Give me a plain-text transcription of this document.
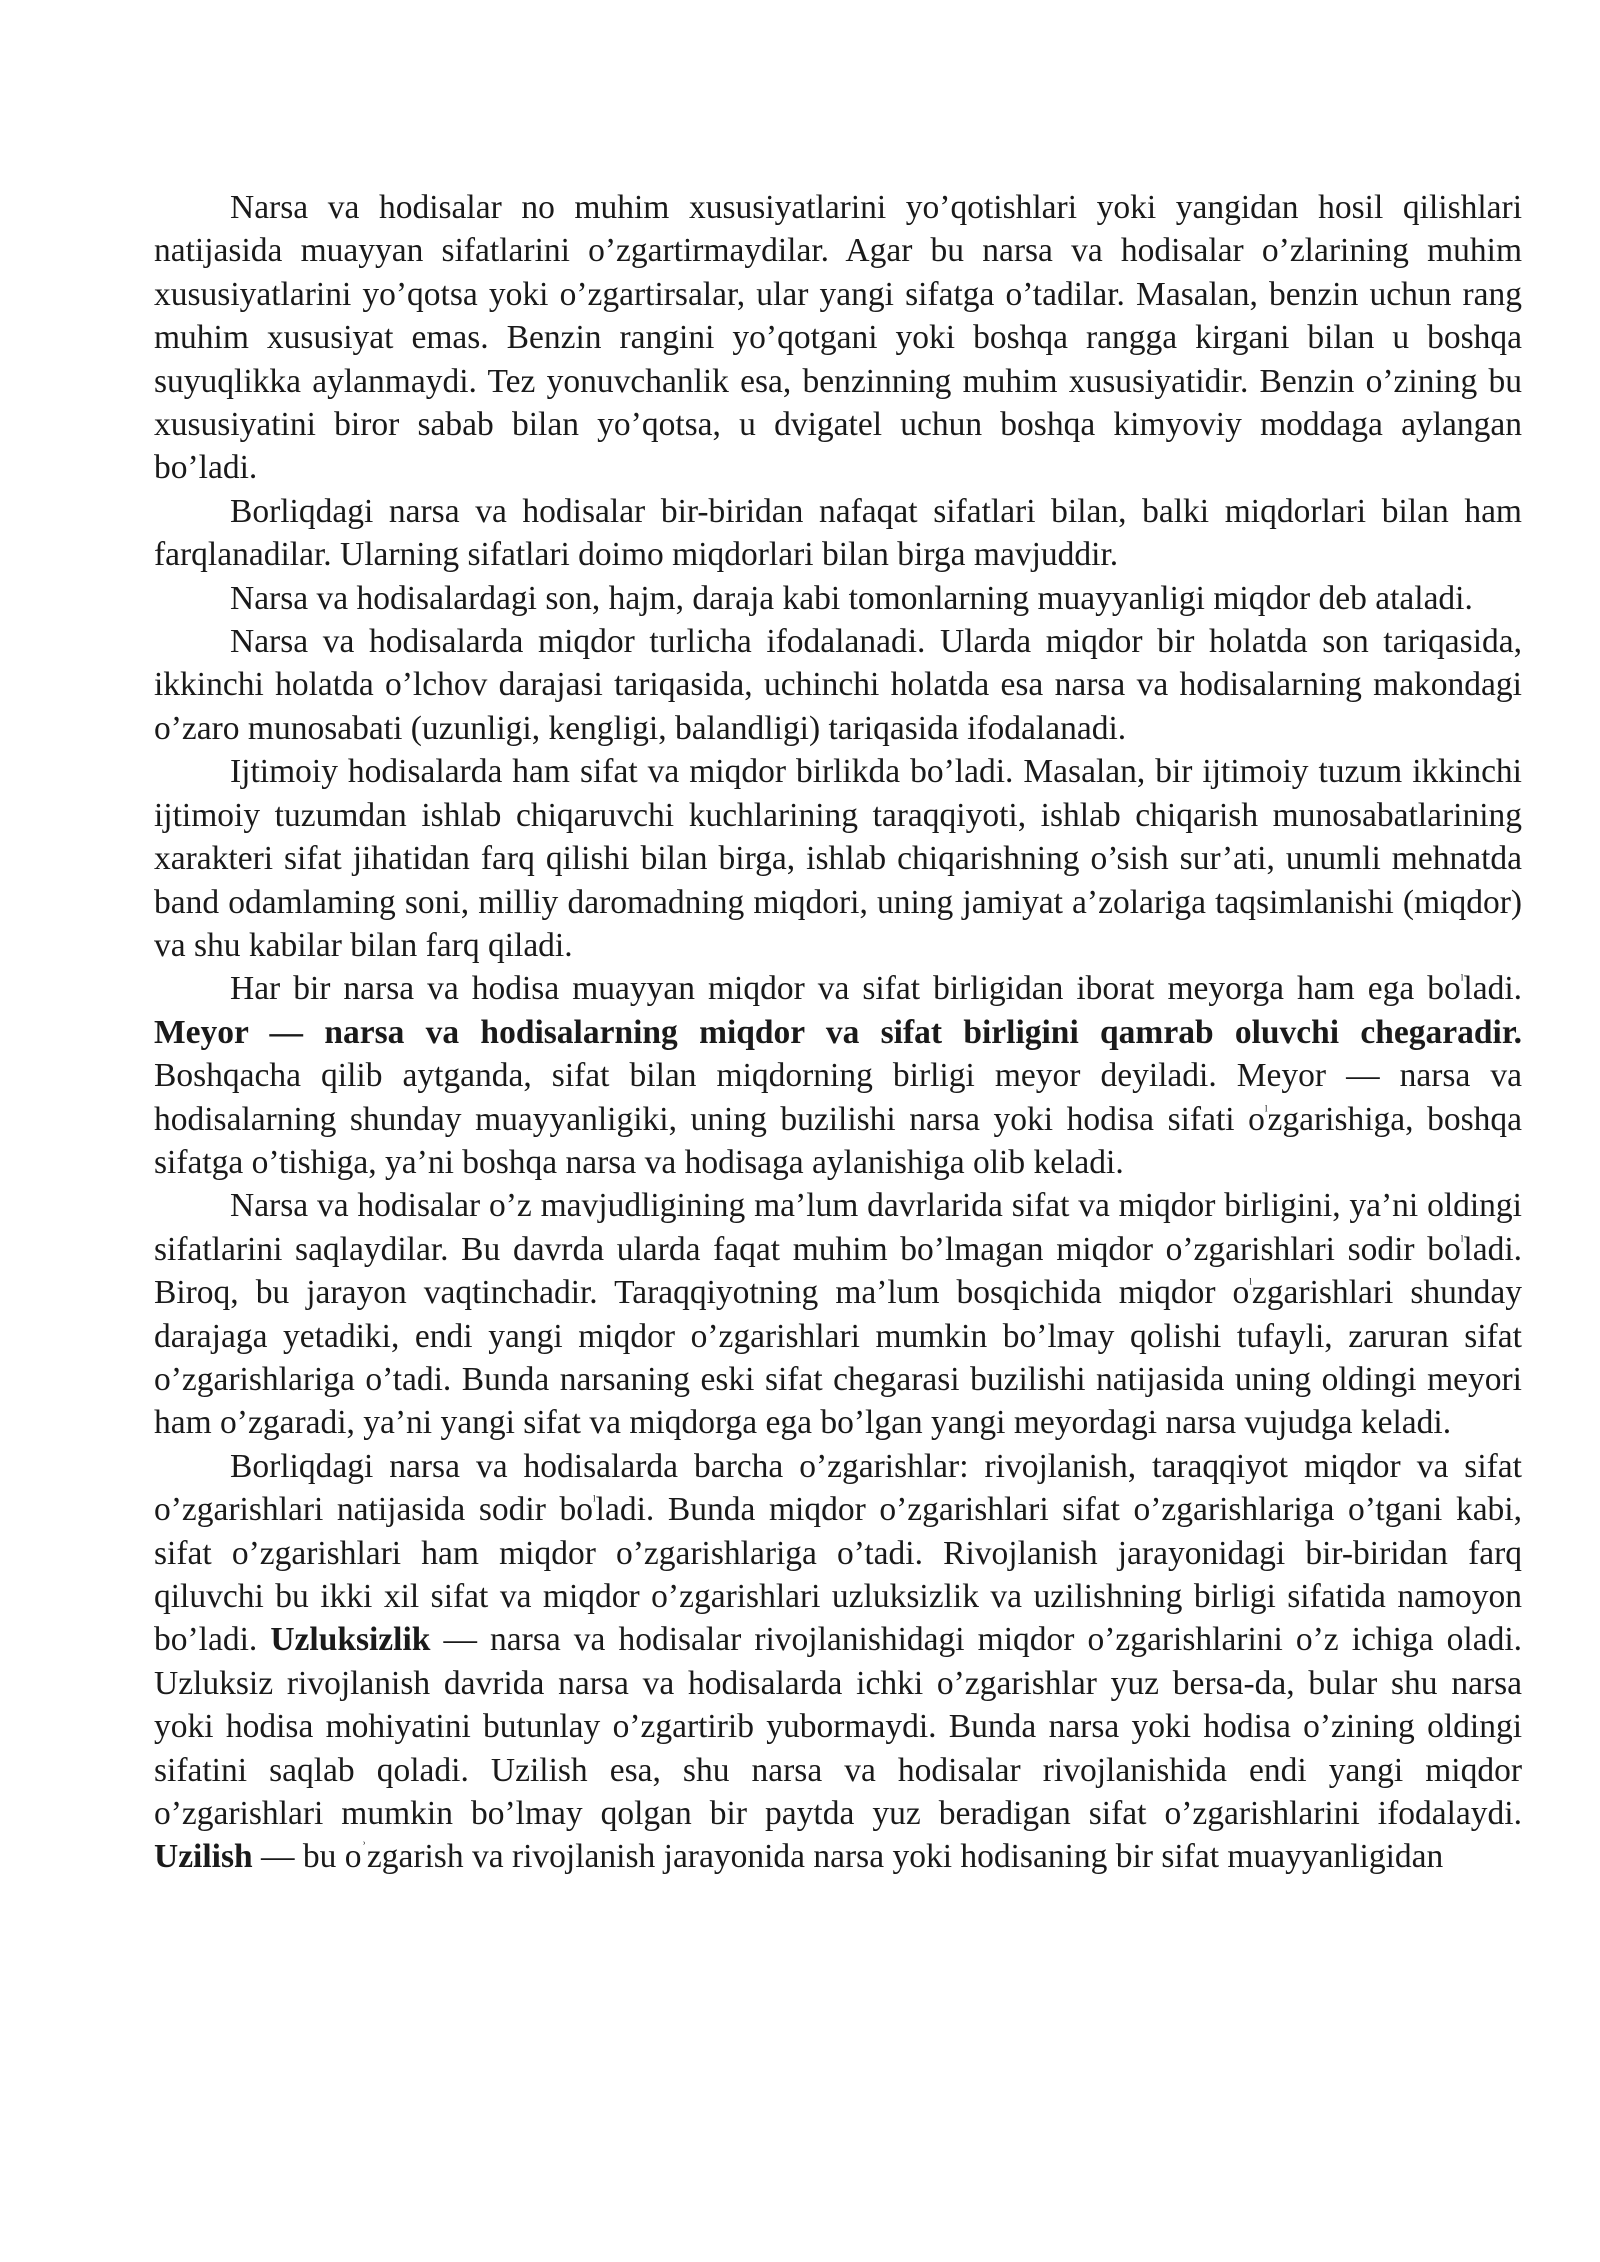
Narsa va hodisalar no muhim xususiyatlarini yo’qotishlari yoki yangidan hosil qilishlari natijasida muayyan sifatlarini o’zgartirmaydilar. Agar bu narsa va hodisalar o’zlarining muhim xususiyatlarini yo’qotsa yoki o’zgartirsalar, ular yangi sifatga o’tadilar. Masalan, benzin uchun rang muhim xususiyat emas. Benzin rangini yo’qotgani yoki boshqa rangga kirgani bilan u boshqa suyuqlikka aylanmaydi. Tez yonuvchanlik esa, benzinning muhim xususiyatidir. Benzin o’zining bu xususiyatini biror sabab bilan yo’qotsa, u dvigatel uchun boshqa kimyoviy moddaga aylangan bo’ladi.

Borliqdagi narsa va hodisalar bir-biridan nafaqat sifatlari bilan, balki miqdorlari bilan ham farqlanadilar. Ularning sifatlari doimo miqdorlari bilan birga mavjuddir.

Narsa va hodisalardagi son, hajm, daraja kabi tomonlarning muayyanligi miqdor deb ataladi.

Narsa va hodisalarda miqdor turlicha ifodalanadi. Ularda miqdor bir holatda son tariqasida, ikkinchi holatda o’lchov darajasi tariqasida, uchinchi holatda esa narsa va hodisalarning makondagi o’zaro munosabati (uzunligi, kengligi, balandligi) tariqasida ifodalanadi.

Ijtimoiy hodisalarda ham sifat va miqdor birlikda bo’ladi. Masalan, bir ijtimoiy tuzum ikkinchi ijtimoiy tuzumdan ishlab chiqaruvchi kuchlarining taraqqiyoti, ishlab chiqarish munosabatlarining xarakteri sifat jihatidan farq qilishi bilan birga, ishlab chiqarishning o’sish sur’ati, unumli mehnatda band odamlaming soni, milliy daromadning miqdori, uning jamiyat a’zolariga taqsimlanishi (miqdor) va shu kabilar bilan farq qiladi.

Har bir narsa va hodisa muayyan miqdor va sifat birligidan iborat meyorga ham ega $bo^ˡladi$. Meyor — narsa va hodisalarning miqdor va sifat birligini qamrab oluvchi chegaradir. Boshqacha qilib aytganda, sifat bilan miqdorning birligi meyor deyiladi. Meyor — narsa va hodisalarning shunday muayyanligiki, uning buzilishi narsa yoki hodisa sifati $o^ˡzgarishiga$, boshqa sifatga o’tishiga, ya’ni boshqa narsa va hodisaga aylanishiga olib keladi.

Narsa va hodisalar o’z mavjudligining ma’lum davrlarida sifat va miqdor birligini, ya’ni oldingi sifatlarini saqlaydilar. Bu davrda ularda faqat muhim bo’lmagan miqdor o’zgarishlari sodir $bo^ˡladi$. Biroq, bu jarayon vaqtinchadir. Taraqqiyotning ma’lum bosqichida miqdor $o^ˡzgarishlari$ shunday darajaga yetadiki, endi yangi miqdor o’zgarishlari mumkin bo’lmay qolishi tufayli, zaruran sifat o’zgarishlariga o’tadi. Bunda narsaning eski sifat chegarasi buzilishi natijasida uning oldingi meyori ham o’zgaradi, ya’ni yangi sifat va miqdorga ega bo’lgan yangi meyordagi narsa vujudga keladi.

Borliqdagi narsa va hodisalarda barcha o’zgarishlar: rivojlanish, taraqqiyot miqdor va sifat o’zgarishlari natijasida sodir $bo^ˡladi$. Bunda miqdor o’zgarishlari sifat o’zgarishlariga o’tgani kabi, sifat o’zgarishlari ham miqdor o’zgarishlariga o’tadi. Rivojlanish jarayonidagi bir-biridan farq qiluvchi bu ikki xil sifat va miqdor o’zgarishlari uzluksizlik va uzilishning birligi sifatida namoyon bo’ladi. Uzluksizlik — narsa va hodisalar rivojlanishidagi miqdor o’zgarishlarini o’z ichiga oladi. Uzluksiz rivojlanish davrida narsa va hodisalarda ichki o’zgarishlar yuz bersa-da, bular shu narsa yoki hodisa mohiyatini butunlay o’zgartirib yubormaydi. Bunda narsa yoki hodisa o’zining oldingi sifatini saqlab qoladi. Uzilish esa, shu narsa va hodisalar rivojlanishida endi yangi miqdor o’zgarishlari mumkin bo’lmay qolgan bir paytda yuz beradigan sifat o’zgarishlarini ifodalaydi. Uzilish — bu $o^ʾzgarish$ va rivojlanish jarayonida narsa yoki hodisaning bir sifat muayyanligidan
